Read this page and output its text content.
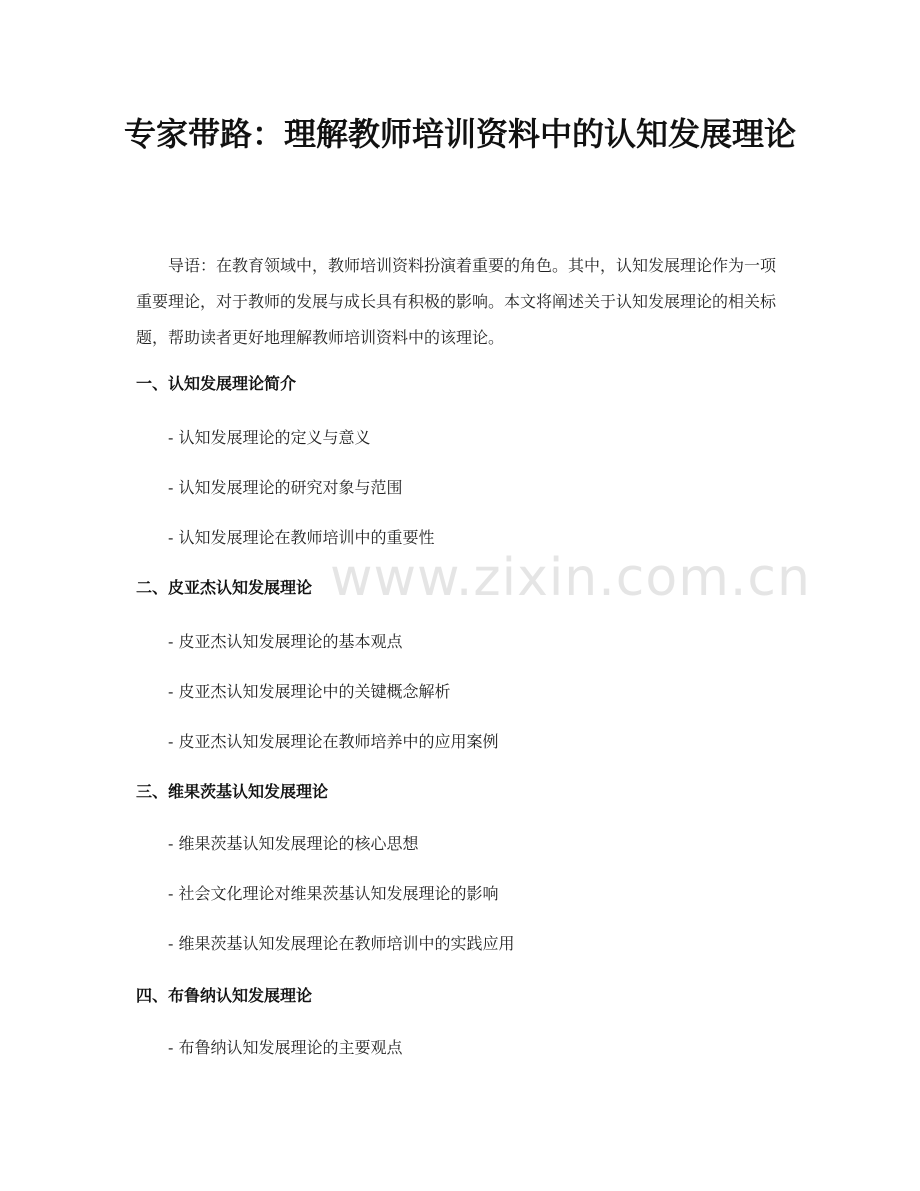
专家带路：理解教师培训资料中的认知发展理论

导语：在教育领域中，教师培训资料扮演着重要的角色。其中，认知发展理论作为一项重要理论，对于教师的发展与成长具有积极的影响。本文将阐述关于认知发展理论的相关标题，帮助读者更好地理解教师培训资料中的该理论。

一、认知发展理论简介

- 认知发展理论的定义与意义

- 认知发展理论的研究对象与范围

- 认知发展理论在教师培训中的重要性

二、皮亚杰认知发展理论

- 皮亚杰认知发展理论的基本观点

- 皮亚杰认知发展理论中的关键概念解析

- 皮亚杰认知发展理论在教师培养中的应用案例

三、维果茨基认知发展理论

- 维果茨基认知发展理论的核心思想

- 社会文化理论对维果茨基认知发展理论的影响

- 维果茨基认知发展理论在教师培训中的实践应用

四、布鲁纳认知发展理论

- 布鲁纳认知发展理论的主要观点

www.zixin.com.cn
